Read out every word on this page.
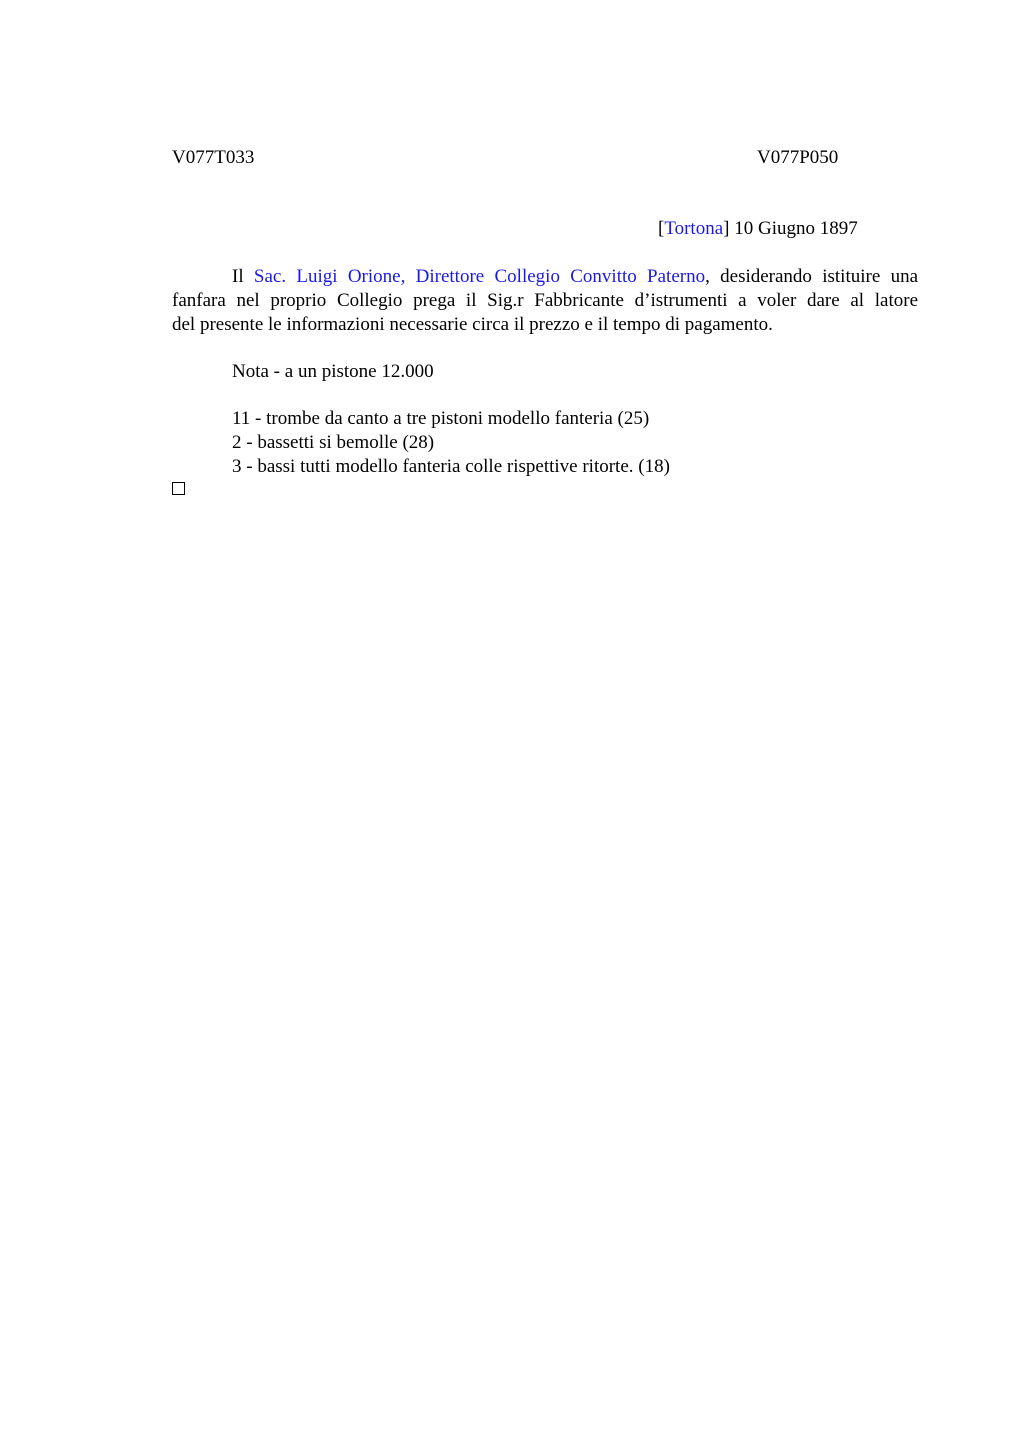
V077T033	V077P050
[Tortona] 10 Giugno 1897
Il Sac. Luigi Orione, Direttore Collegio Convitto Paterno, desiderando istituire una
fanfara nel proprio Collegio prega il Sig.r Fabbricante d’istrumenti a voler dare al latore
del presente le informazioni necessarie circa il prezzo e il tempo di pagamento.
Nota - a un pistone 12.000
11 - trombe da canto a tre pistoni modello fanteria (25)
2 - bassetti si bemolle (28)
3 - bassi tutti modello fanteria colle rispettive ritorte. (18)
